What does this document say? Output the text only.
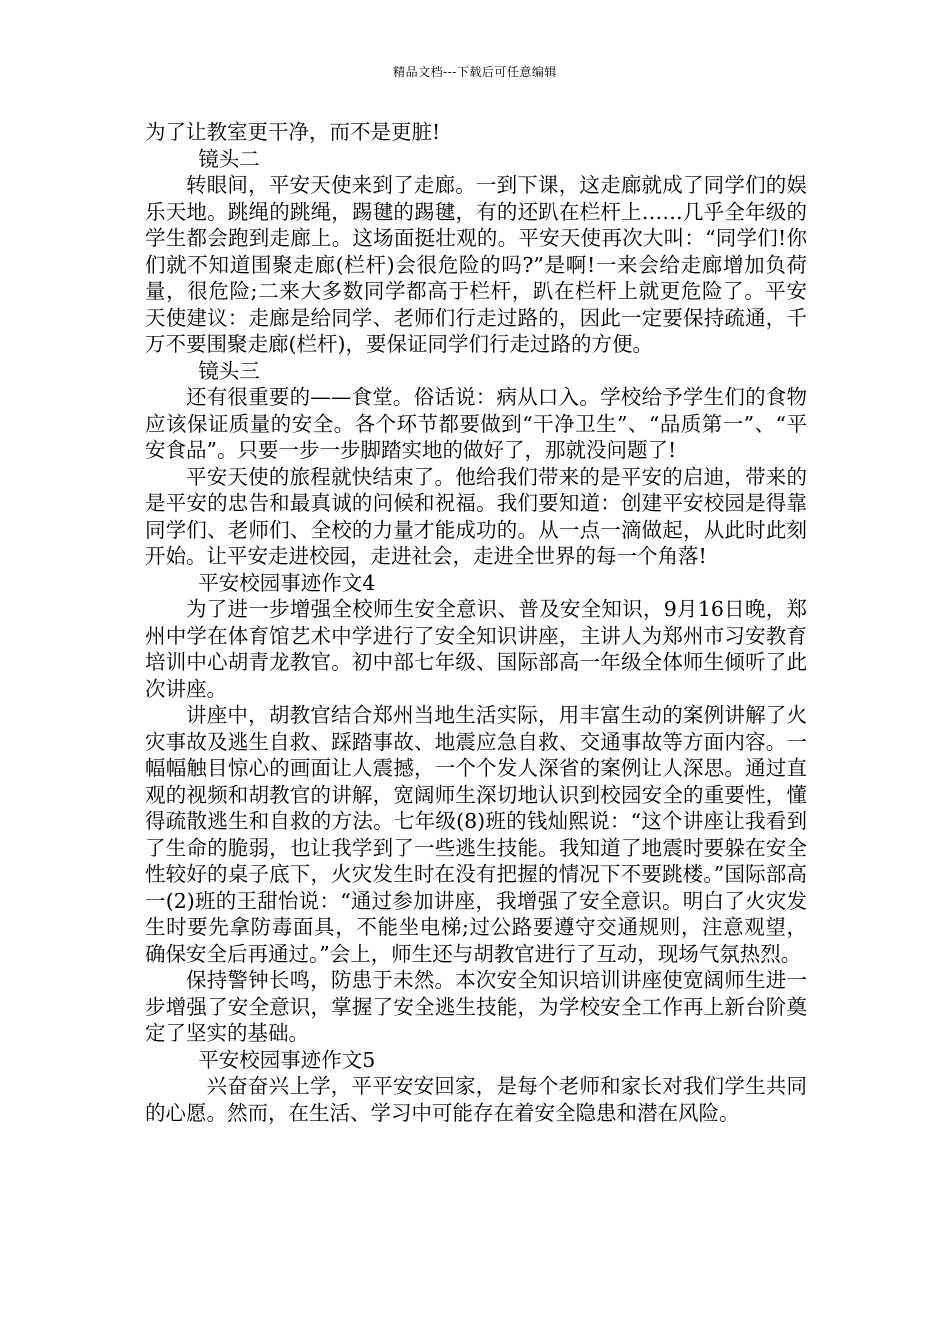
精品文档---下载后可任意编辑

为了让教室更干净，而不是更脏!

镜头二

转眼间，平安天使来到了走廊。一到下课，这走廊就成了同学们的娱乐天地。跳绳的跳绳，踢毽的踢毽，有的还趴在栏杆上……几乎全年级的学生都会跑到走廊上。这场面挺壮观的。平安天使再次大叫：“同学们!你们就不知道围聚走廊(栏杆)会很危险的吗?”是啊!一来会给走廊增加负荷量，很危险;二来大多数同学都高于栏杆，趴在栏杆上就更危险了。平安天使建议：走廊是给同学、老师们行走过路的，因此一定要保持疏通，千万不要围聚走廊(栏杆)，要保证同学们行走过路的方便。

镜头三

还有很重要的——食堂。俗话说：病从口入。学校给予学生们的食物应该保证质量的安全。各个环节都要做到“干净卫生”、“品质第一”、“平安食品”。只要一步一步脚踏实地的做好了，那就没问题了!

平安天使的旅程就快结束了。他给我们带来的是平安的启迪，带来的是平安的忠告和最真诚的问候和祝福。我们要知道：创建平安校园是得靠同学们、老师们、全校的力量才能成功的。从一点一滴做起，从此时此刻开始。让平安走进校园，走进社会，走进全世界的每一个角落!

平安校园事迹作文4

为了进一步增强全校师生安全意识、普及安全知识，9月16日晚，郑州中学在体育馆艺术中学进行了安全知识讲座，主讲人为郑州市习安教育培训中心胡青龙教官。初中部七年级、国际部高一年级全体师生倾听了此次讲座。

讲座中，胡教官结合郑州当地生活实际，用丰富生动的案例讲解了火灾事故及逃生自救、踩踏事故、地震应急自救、交通事故等方面内容。一幅幅触目惊心的画面让人震撼，一个个发人深省的案例让人深思。通过直观的视频和胡教官的讲解，宽阔师生深切地认识到校园安全的重要性，懂得疏散逃生和自救的方法。七年级(8)班的钱灿熙说：“这个讲座让我看到了生命的脆弱，也让我学到了一些逃生技能。我知道了地震时要躲在安全性较好的桌子底下，火灾发生时在没有把握的情况下不要跳楼。”国际部高一(2)班的王甜怡说：“通过参加讲座，我增强了安全意识。明白了火灾发生时要先拿防毒面具，不能坐电梯;过公路要遵守交通规则，注意观望，确保安全后再通过。”会上，师生还与胡教官进行了互动，现场气氛热烈。

保持警钟长鸣，防患于未然。本次安全知识培训讲座使宽阔师生进一步增强了安全意识，掌握了安全逃生技能，为学校安全工作再上新台阶奠定了坚实的基础。

平安校园事迹作文5

兴奋奋兴上学，平平安安回家，是每个老师和家长对我们学生共同的心愿。然而，在生活、学习中可能存在着安全隐患和潜在风险。
